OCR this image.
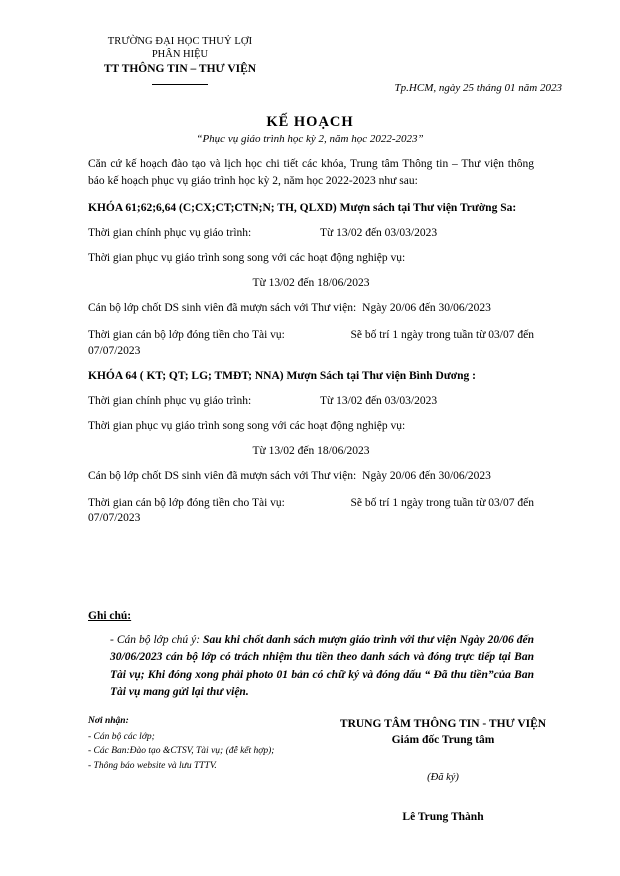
TRƯỜNG ĐẠI HỌC THUỶ LỢI
PHÂN HIỆU
TT THÔNG TIN – THƯ VIỆN
Tp.HCM, ngày 25 tháng 01 năm 2023
KẾ HOẠCH
“Phục vụ giáo trình học kỳ 2, năm học 2022-2023”
Căn cứ kế hoạch đào tạo và lịch học chi tiết các khóa, Trung tâm Thông tin – Thư viện thông báo kế hoạch phục vụ giáo trình học kỳ 2, năm học 2022-2023 như sau:
KHÓA 61;62;6,64 (C;CX;CT;CTN;N; TH, QLXD) Mượn sách tại Thư viện Trường Sa:
Thời gian chính phục vụ giáo trình:	Từ 13/02 đến 03/03/2023
Thời gian phục vụ giáo trình song song với các hoạt động nghiệp vụ:
Từ 13/02 đến 18/06/2023
Cán bộ lớp chốt DS sinh viên đã mượn sách với Thư viện: Ngày 20/06 đến 30/06/2023
Thời gian cán bộ lớp đóng tiền cho Tài vụ:	Sẽ bố trí 1 ngày trong tuần từ 03/07 đến
07/07/2023
KHÓA 64 ( KT; QT; LG; TMĐT; NNA) Mượn Sách tại Thư viện Bình Dương :
Thời gian chính phục vụ giáo trình:	Từ 13/02 đến 03/03/2023
Thời gian phục vụ giáo trình song song với các hoạt động nghiệp vụ:
Từ 13/02 đến 18/06/2023
Cán bộ lớp chốt DS sinh viên đã mượn sách với Thư viện: Ngày 20/06 đến 30/06/2023
Thời gian cán bộ lớp đóng tiền cho Tài vụ:	Sẽ bố trí 1 ngày trong tuần từ 03/07 đến
07/07/2023
Ghi chú:
- Cán bộ lớp chú ý: Sau khi chốt danh sách mượn giáo trình với thư viện Ngày 20/06 đến 30/06/2023 cán bộ lớp có trách nhiệm thu tiền theo danh sách và đóng trực tiếp tại Ban Tài vụ; Khi đóng xong phải photo 01 bản có chữ ký và đóng dấu “ Đã thu tiền”của Ban Tài vụ mang gửi lại thư viện.
Nơi nhận:
- Cán bộ các lớp;
- Các Ban:Đào tạo &CTSV, Tài vụ; (đễ kết hợp);
- Thông báo website và lưu TTTV.
TRUNG TÂM THÔNG TIN - THƯ VIỆN
Giám đốc Trung tâm
(Đã ký)
Lê Trung Thành
